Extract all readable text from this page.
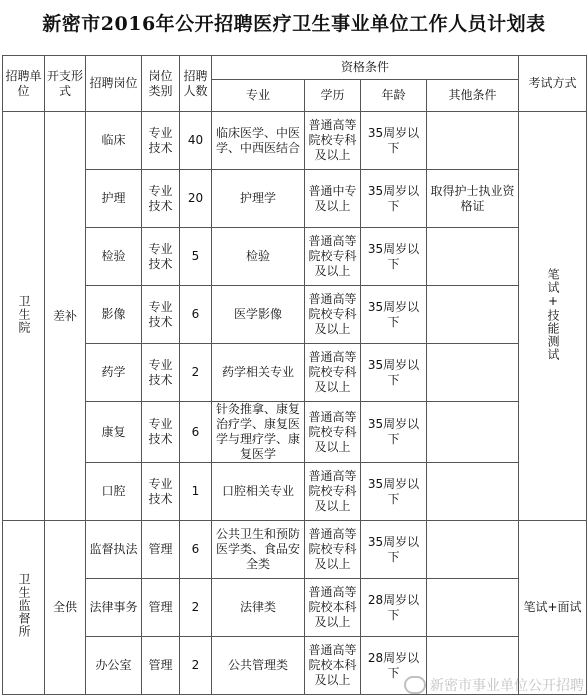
新密市2016年公开招聘医疗卫生事业单位工作人员计划表
招聘单位	开支形式	招聘岗位	岗位类别	招聘人数	资格条件				考试方式
					专业	学历	年龄	其他条件	
卫生院	差补	临床	专业技术	40	临床医学、中医学、中西医结合	普通高等院校专科及以上	35周岁以下		笔试+技能测试
		护理	专业技术	20	护理学	普通中专及以上	35周岁以下	取得护士执业资格证	
		检验	专业技术	5	检验	普通高等院校专科及以上	35周岁以下		
		影像	专业技术	6	医学影像	普通高等院校专科及以上	35周岁以下		
		药学	专业技术	2	药学相关专业	普通高等院校专科及以上	35周岁以下		
		康复	专业技术	6	针灸推拿、康复治疗学、康复医学与理疗学、康复医学	普通高等院校专科及以上	35周岁以下		
		口腔	专业技术	1	口腔相关专业	普通高等院校专科及以上	35周岁以下		
卫生监督所	全供	监督执法	管理	6	公共卫生和预防医学类、食品安全类	普通高等院校专科及以上	35周岁以下		笔试+面试
		法律事务	管理	2	法律类	普通高等院校本科及以上	28周岁以下		
		办公室	管理	2	公共管理类	普通高等院校本科及以上	28周岁以下		
新密市事业单位公开招聘
